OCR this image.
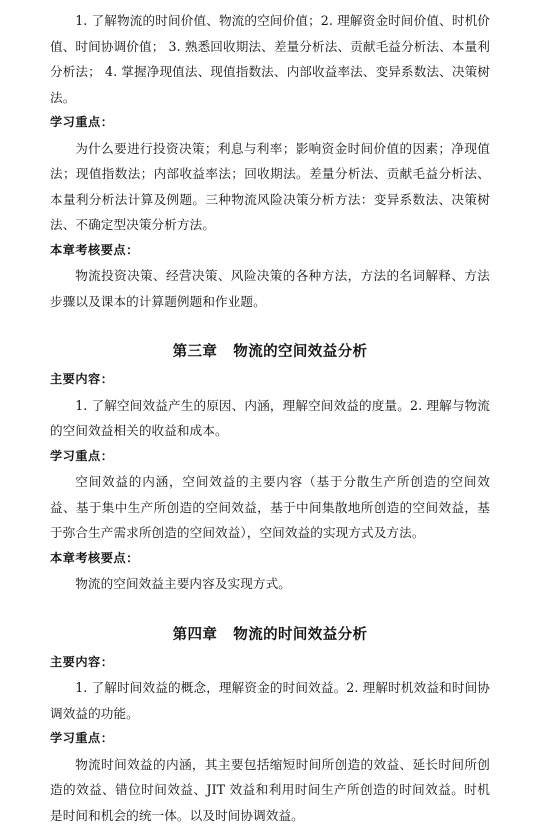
1. 了解物流的时间价值、物流的空间价值；2. 理解资金时间价值、时机价值、时间协调价值； 3. 熟悉回收期法、差量分析法、贡献毛益分析法、本量利分析法； 4. 掌握净现值法、现值指数法、内部收益率法、变异系数法、决策树法。

学习重点：

为什么要进行投资决策；利息与利率；影响资金时间价值的因素；净现值法；现值指数法；内部收益率法；回收期法。差量分析法、贡献毛益分析法、本量利分析法计算及例题。三种物流风险决策分析方法：变异系数法、决策树法、不确定型决策分析方法。

本章考核要点：

物流投资决策、经营决策、风险决策的各种方法，方法的名词解释、方法步骤以及课本的计算题例题和作业题。

第三章 物流的空间效益分析

主要内容：

1. 了解空间效益产生的原因、内涵，理解空间效益的度量。2. 理解与物流的空间效益相关的收益和成本。

学习重点：

空间效益的内涵，空间效益的主要内容（基于分散生产所创造的空间效益、基于集中生产所创造的空间效益，基于中间集散地所创造的空间效益，基于弥合生产需求所创造的空间效益），空间效益的实现方式及方法。

本章考核要点：

物流的空间效益主要内容及实现方式。

第四章 物流的时间效益分析

主要内容：

1. 了解时间效益的概念，理解资金的时间效益。2. 理解时机效益和时间协调效益的功能。

学习重点：

物流时间效益的内涵，其主要包括缩短时间所创造的效益、延长时间所创造的效益、错位时间效益、JIT 效益和利用时间生产所创造的时间效益。时机是时间和机会的统一体。以及时间协调效益。
